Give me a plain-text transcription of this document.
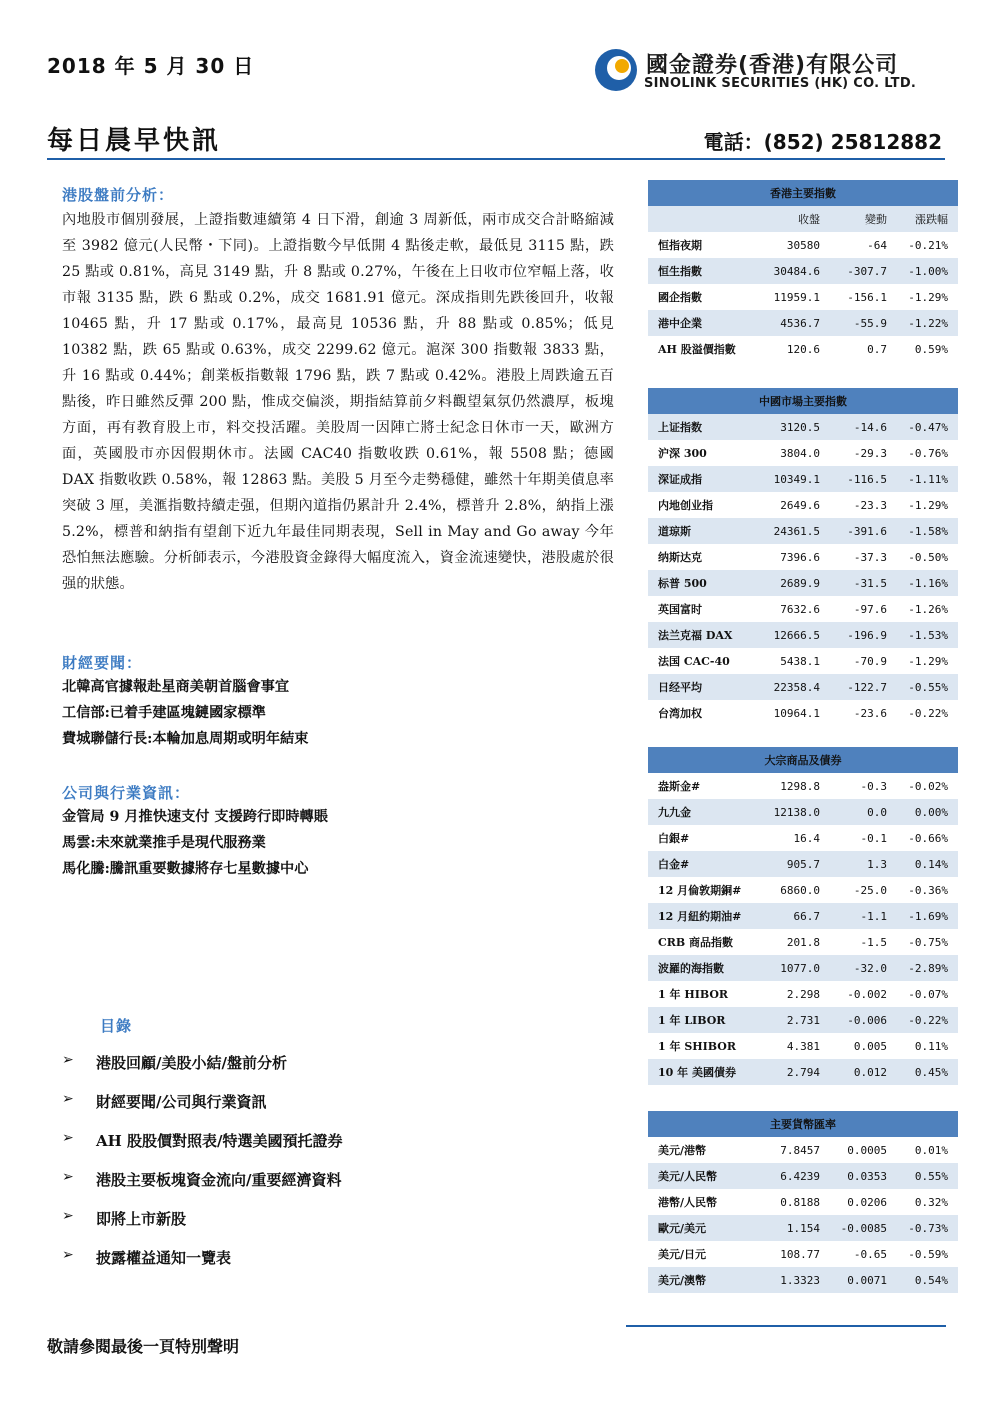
2018 年 5 月 30 日	國金證券(香港)有限公司
SINOLINK SECURITIES (HK) CO. LTD.
每日晨早快訊	電話：(852) 25812882
港股盤前分析：
內地股市個別發展，上證指數連續第 4 日下滑，創逾 3 周新低，兩市成交合計略縮減至 3982 億元(人民幣・下同)。上證指數今早低開 4 點後走軟，最低見 3115 點，跌 25 點或 0.81%，高見 3149 點，升 8 點或 0.27%，午後在上日收市位窄幅上落，收市報 3135 點，跌 6 點或 0.2%，成交 1681.91 億元。深成指則先跌後回升，收報 10465 點，升 17 點或 0.17%，最高見 10536 點，升 88 點或 0.85%；低見 10382 點，跌 65 點或 0.63%，成交 2299.62 億元。滬深 300 指數報 3833 點，升 16 點或 0.44%；創業板指數報 1796 點，跌 7 點或 0.42%。港股上周跌逾五百點後，昨日雖然反彈 200 點，惟成交偏淡，期指結算前夕料觀望氣氛仍然濃厚，板塊方面，再有教育股上市，料交投活躍。美股周一因陣亡將士紀念日休市一天，歐洲方面，英國股市亦因假期休市。法國 CAC40 指數收跌 0.61%，報 5508 點；德國 DAX 指數收跌 0.58%，報 12863 點。美股 5 月至今走勢穩健，雖然十年期美債息率突破 3 厘，美滙指數持續走强，但期內道指仍累計升 2.4%，標普升 2.8%，納指上漲 5.2%，標普和納指有望創下近九年最佳同期表現，Sell in May and Go away 今年恐怕無法應驗。分析師表示，今港股資金錄得大幅度流入，資金流速變快，港股處於很强的狀態。
財經要聞：
北韓高官據報赴星商美朝首腦會事宜
工信部:已着手建區塊鏈國家標準
費城聯儲行長:本輪加息周期或明年結束
公司與行業資訊：
金管局 9 月推快速支付 支援跨行即時轉賬
馬雲:未來就業推手是現代服務業
馬化騰:騰訊重要數據將存七星數據中心
目錄
➢	港股回顧/美股小結/盤前分析
➢	財經要聞/公司與行業資訊
➢	AH 股股價對照表/特選美國預托證券
➢	港股主要板塊資金流向/重要經濟資料
➢	即將上市新股
➢	披露權益通知一覽表
香港主要指數
收盤	變動	漲跌幅
恒指夜期	30580	-64	-0.21%
恒生指數	30484.6	-307.7	-1.00%
國企指數	11959.1	-156.1	-1.29%
港中企業	4536.7	-55.9	-1.22%
AH 股溢價指數	120.6	0.7	0.59%
中國市場主要指數
上证指数	3120.5	-14.6	-0.47%
沪深 300	3804.0	-29.3	-0.76%
深证成指	10349.1	-116.5	-1.11%
内地创业指	2649.6	-23.3	-1.29%
道琼斯	24361.5	-391.6	-1.58%
纳斯达克	7396.6	-37.3	-0.50%
标普 500	2689.9	-31.5	-1.16%
英国富时	7632.6	-97.6	-1.26%
法兰克福 DAX	12666.5	-196.9	-1.53%
法国 CAC-40	5438.1	-70.9	-1.29%
日经平均	22358.4	-122.7	-0.55%
台湾加权	10964.1	-23.6	-0.22%
大宗商品及債券
盎斯金#	1298.8	-0.3	-0.02%
九九金	12138.0	0.0	0.00%
白銀#	16.4	-0.1	-0.66%
白金#	905.7	1.3	0.14%
12 月倫敦期銅#	6860.0	-25.0	-0.36%
12 月紐約期油#	66.7	-1.1	-1.69%
CRB 商品指數	201.8	-1.5	-0.75%
波羅的海指數	1077.0	-32.0	-2.89%
1 年 HIBOR	2.298	-0.002	-0.07%
1 年 LIBOR	2.731	-0.006	-0.22%
1 年 SHIBOR	4.381	0.005	0.11%
10 年 美國債券	2.794	0.012	0.45%
主要貨幣匯率
美元/港幣	7.8457	0.0005	0.01%
美元/人民幣	6.4239	0.0353	0.55%
港幣/人民幣	0.8188	0.0206	0.32%
歐元/美元	1.154	-0.0085	-0.73%
美元/日元	108.77	-0.65	-0.59%
美元/澳幣	1.3323	0.0071	0.54%
敬請參閱最後一頁特別聲明
